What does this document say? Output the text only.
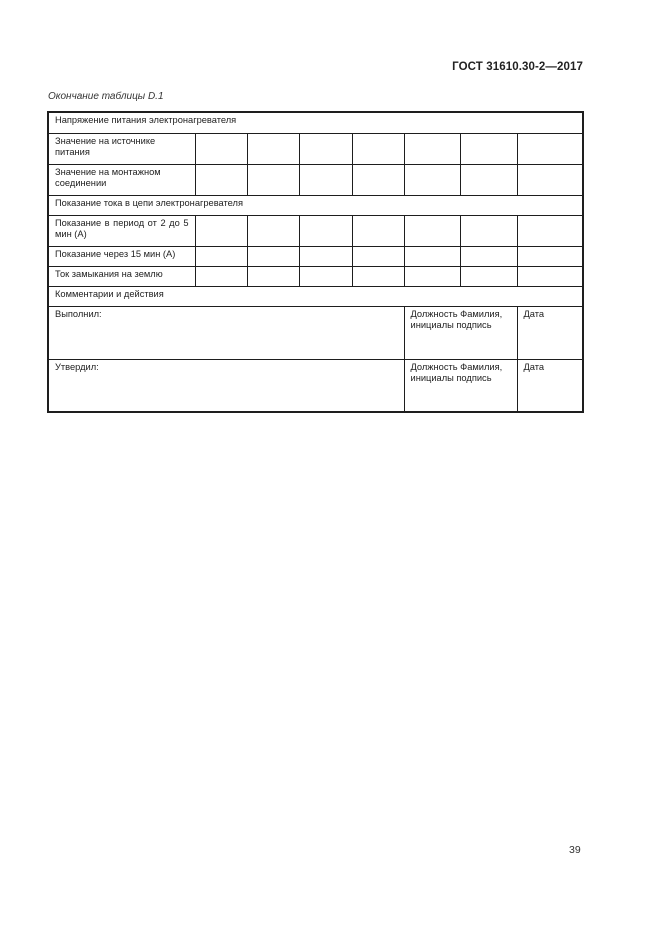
ГОСТ 31610.30-2—2017
Окончание таблицы D.1
Напряжение питания электронагревателя							
Значение на источнике питания							
Значение на монтажном соединении							
Показание тока в цепи электронагревателя							
Показание в период от 2 до 5 мин (А)							
Показание через 15 мин (А)							
Ток замыкания на землю							
Комментарии и действия							
Выполнил:					Должность Фамилия, инициалы подпись		Дата
Утвердил:					Должность Фамилия, инициалы подпись		Дата
39
